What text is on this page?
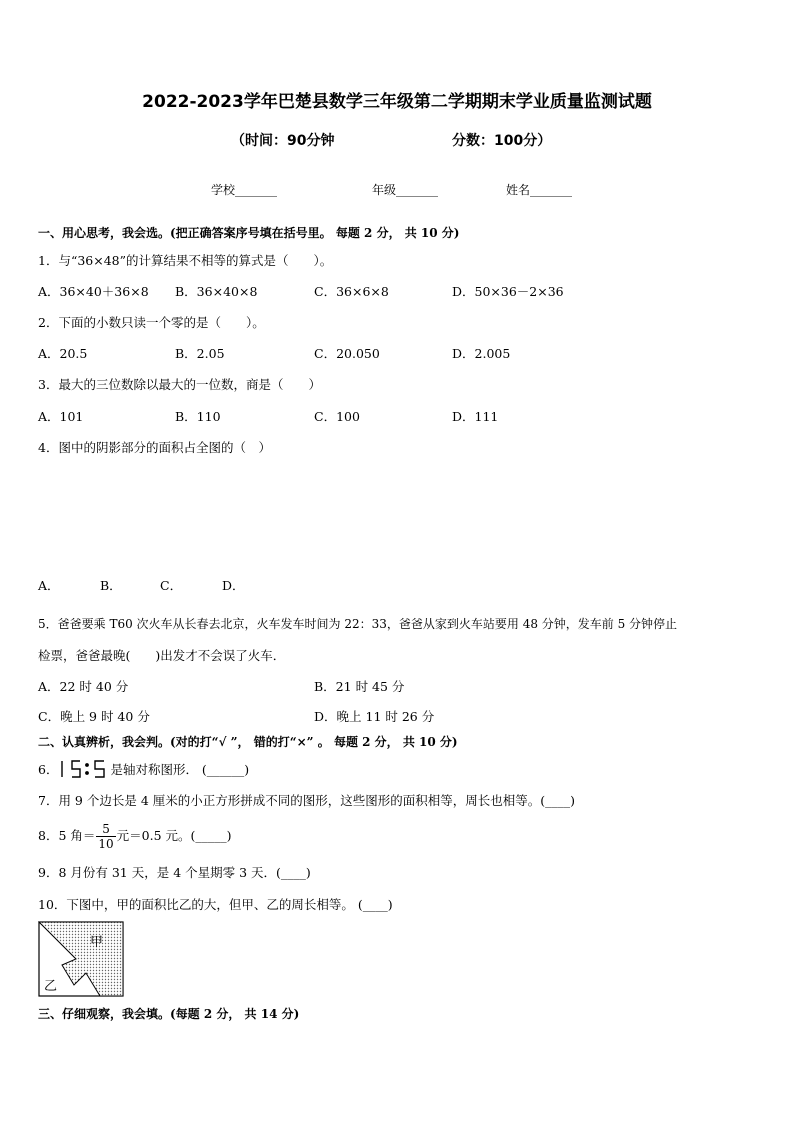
2022-2023学年巴楚县数学三年级第二学期期末学业质量监测试题
（时间：90分钟	分数：100分）
学校_______	年级_______	姓名_______
一、用心思考，我会选。(把正确答案序号填在括号里。 每题 2 分， 共 10 分)
1．与“36×48”的计算结果不相等的算式是（　　）。
A．36×40＋36×8 B．36×40×8	C．36×6×8	D．50×36－2×36
2．下面的小数只读一个零的是（　　）。
A．20.5	B．2.05	C．20.050	D．2.005
3．最大的三位数除以最大的一位数，商是（　　）
A．101	B．110	C．100	D．111
4．图中的阴影部分的面积占全图的（　）
A．	B．	C．	D．
5．爸爸要乘 T60 次火车从长春去北京，火车发车时间为 22：33，爸爸从家到火车站要用 48 分钟，发车前 5 分钟停止
检票，爸爸最晚(　　)出发才不会误了火车．
A．22 时 40 分	B．21 时 45 分
C．晚上 9 时 40 分	D．晚上 11 时 26 分
二、认真辨析，我会判。(对的打“√ ”， 错的打“×” 。 每题 2 分， 共 10 分)
6．	是轴对称图形． (______)
7．用 9 个边长是 4 厘米的小正方形拼成不同的图形，这些图形的面积相等，周长也相等。(____)
8．5 角＝ $\frac{5}{10}$ 元＝0.5 元。(_____)
9．8 月份有 31 天，是 4 个星期零 3 天．(____)
10．下图中，甲的面积比乙的大，但甲、乙的周长相等。 (____)
甲
乙
三、仔细观察，我会填。(每题 2 分， 共 14 分)
